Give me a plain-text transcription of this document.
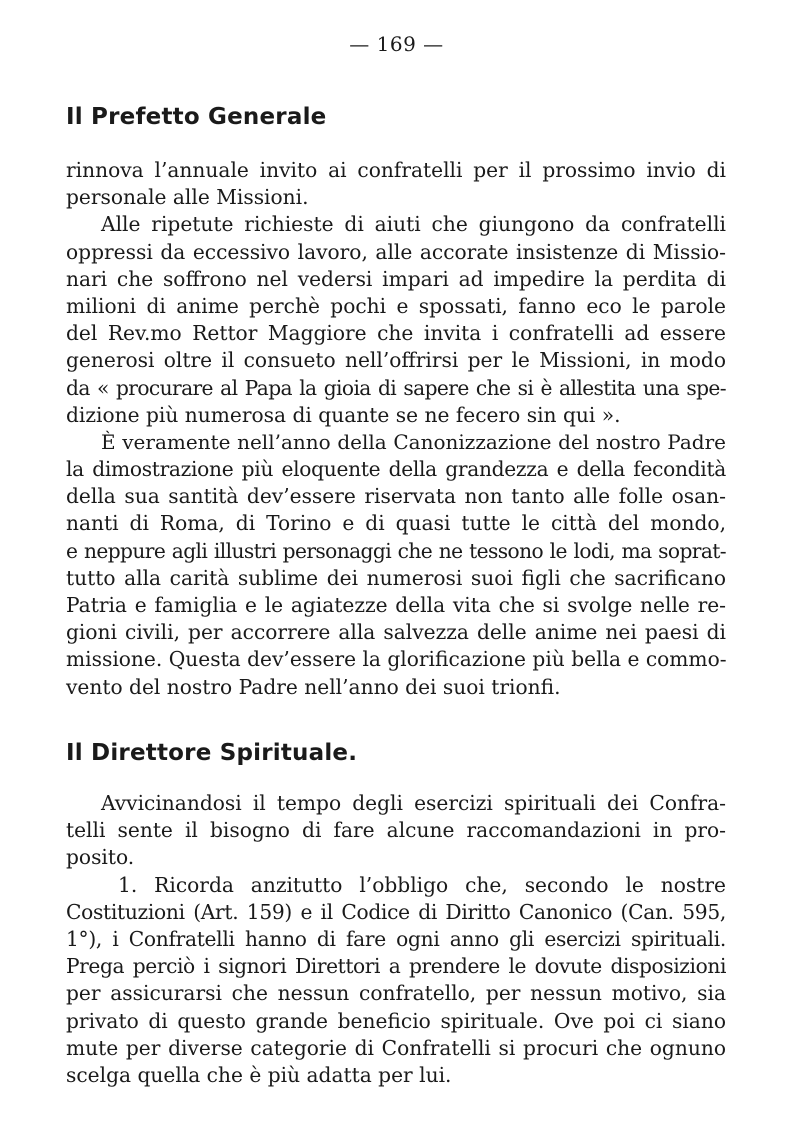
— 169 —
Il Prefetto Generale
rinnova l’annuale invito ai confratelli per il prossimo invio di
personale alle Missioni.
Alle ripetute richieste di aiuti che giungono da confratelli
oppressi da eccessivo lavoro, alle accorate insistenze di Missio-
nari che soffrono nel vedersi impari ad impedire la perdita di
milioni di anime perchè pochi e spossati, fanno eco le parole
del Rev.mo Rettor Maggiore che invita i confratelli ad essere
generosi oltre il consueto nell’offrirsi per le Missioni, in modo
da « procurare al Papa la gioia di sapere che si è allestita una spe-
dizione più numerosa di quante se ne fecero sin qui ».
È veramente nell’anno della Canonizzazione del nostro Padre
la dimostrazione più eloquente della grandezza e della fecondità
della sua santità dev’essere riservata non tanto alle folle osan-
nanti di Roma, di Torino e di quasi tutte le città del mondo,
e neppure agli illustri personaggi che ne tessono le lodi, ma soprat-
tutto alla carità sublime dei numerosi suoi figli che sacrificano
Patria e famiglia e le agiatezze della vita che si svolge nelle re-
gioni civili, per accorrere alla salvezza delle anime nei paesi di
missione. Questa dev’essere la glorificazione più bella e commo-
vento del nostro Padre nell’anno dei suoi trionfi.
Il Direttore Spirituale.
Avvicinandosi il tempo degli esercizi spirituali dei Confra-
telli sente il bisogno di fare alcune raccomandazioni in pro-
posito.
1. Ricorda anzitutto l’obbligo che, secondo le nostre
Costituzioni (Art. 159) e il Codice di Diritto Canonico (Can. 595,
1°), i Confratelli hanno di fare ogni anno gli esercizi spirituali.
Prega perciò i signori Direttori a prendere le dovute disposizioni
per assicurarsi che nessun confratello, per nessun motivo, sia
privato di questo grande beneficio spirituale. Ove poi ci siano
mute per diverse categorie di Confratelli si procuri che ognuno
scelga quella che è più adatta per lui.
